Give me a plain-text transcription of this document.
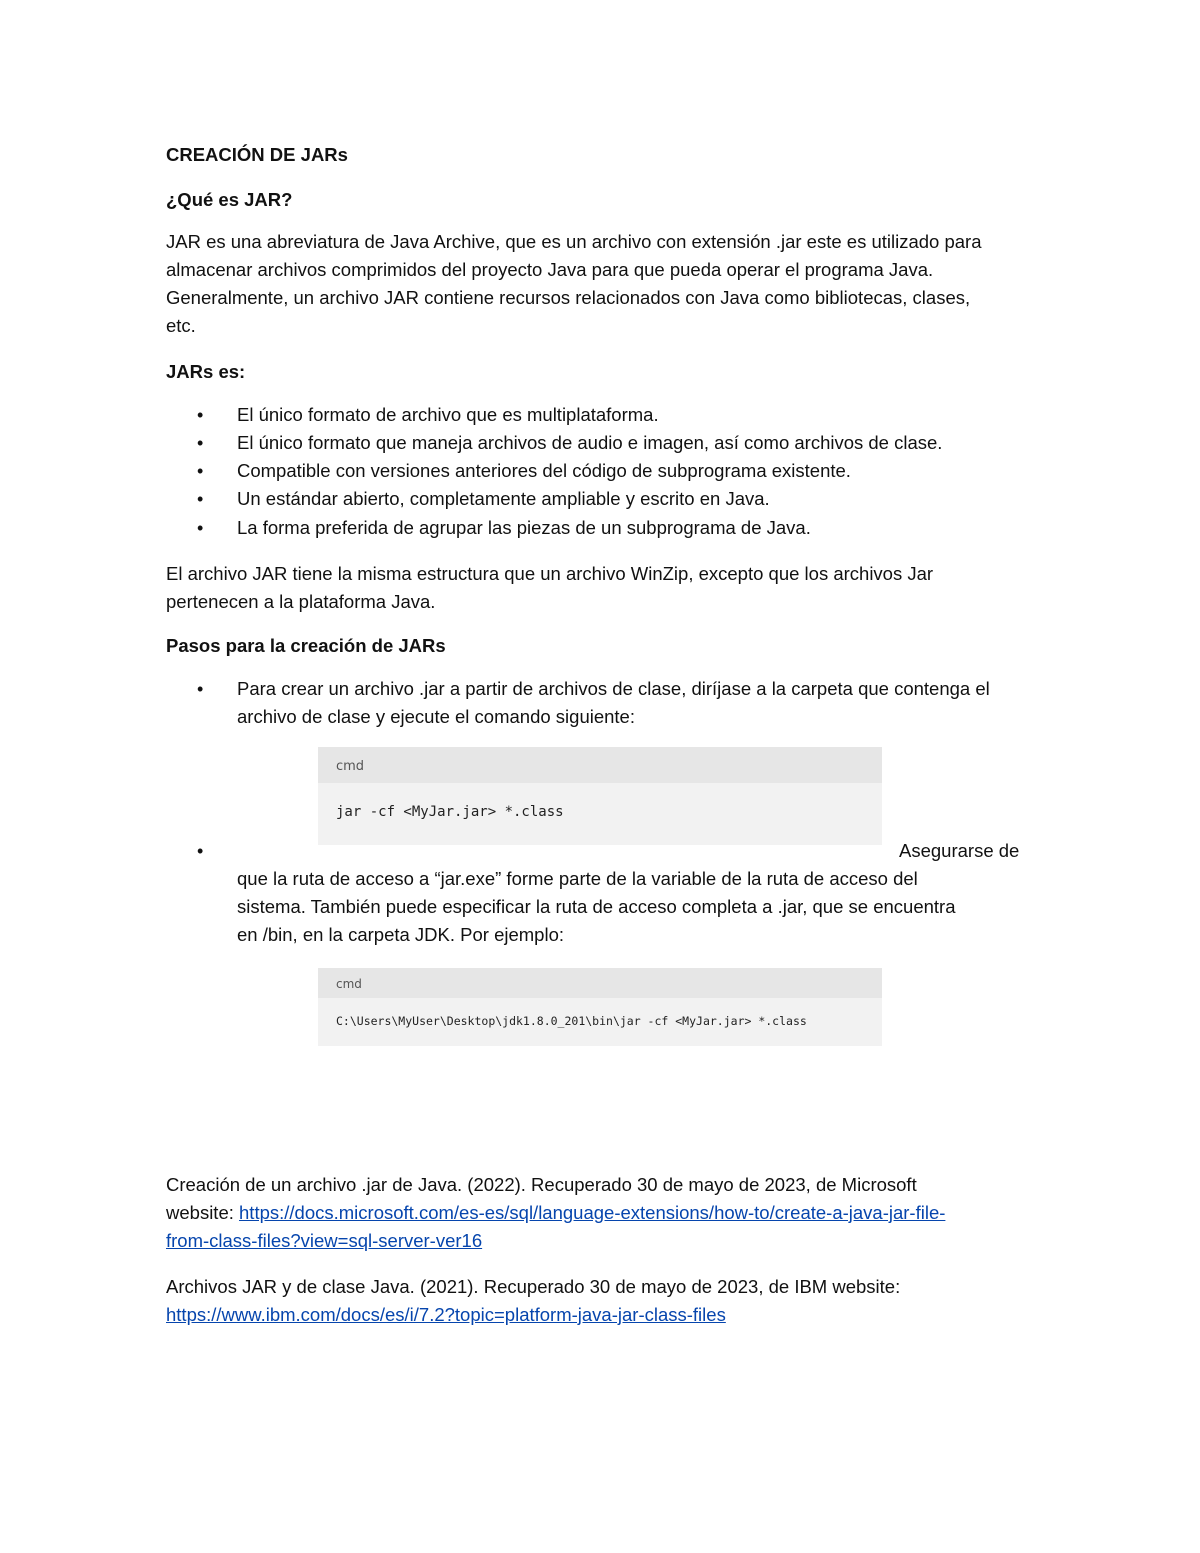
CREACIÓN DE JARs

¿Qué es JAR?

JAR es una abreviatura de Java Archive, que es un archivo con extensión .jar este es utilizado para

almacenar archivos comprimidos del proyecto Java para que pueda operar el programa Java.

Generalmente, un archivo JAR contiene recursos relacionados con Java como bibliotecas, clases,

etc.

JARs es:

• El único formato de archivo que es multiplataforma.

• El único formato que maneja archivos de audio e imagen, así como archivos de clase.

• Compatible con versiones anteriores del código de subprograma existente.

• Un estándar abierto, completamente ampliable y escrito en Java.

• La forma preferida de agrupar las piezas de un subprograma de Java.

El archivo JAR tiene la misma estructura que un archivo WinZip, excepto que los archivos Jar

pertenecen a la plataforma Java.

Pasos para la creación de JARs

• Para crear un archivo .jar a partir de archivos de clase, diríjase a la carpeta que contenga el

archivo de clase y ejecute el comando siguiente:

cmd
jar -cf <MyJar.jar> *.class
•	Asegurarse de

que la ruta de acceso a “jar.exe” forme parte de la variable de la ruta de acceso del

sistema. También puede especificar la ruta de acceso completa a .jar, que se encuentra

en /bin, en la carpeta JDK. Por ejemplo:

cmd
C:\Users\MyUser\Desktop\jdk1.8.0_201\bin\jar -cf <MyJar.jar> *.class

Creación de un archivo .jar de Java. (2022). Recuperado 30 de mayo de 2023, de Microsoft

website: https://docs.microsoft.com/es-es/sql/language-extensions/how-to/create-a-java-jar-file-

from-class-files?view=sql-server-ver16

Archivos JAR y de clase Java. (2021). Recuperado 30 de mayo de 2023, de IBM website:

https://www.ibm.com/docs/es/i/7.2?topic=platform-java-jar-class-files
